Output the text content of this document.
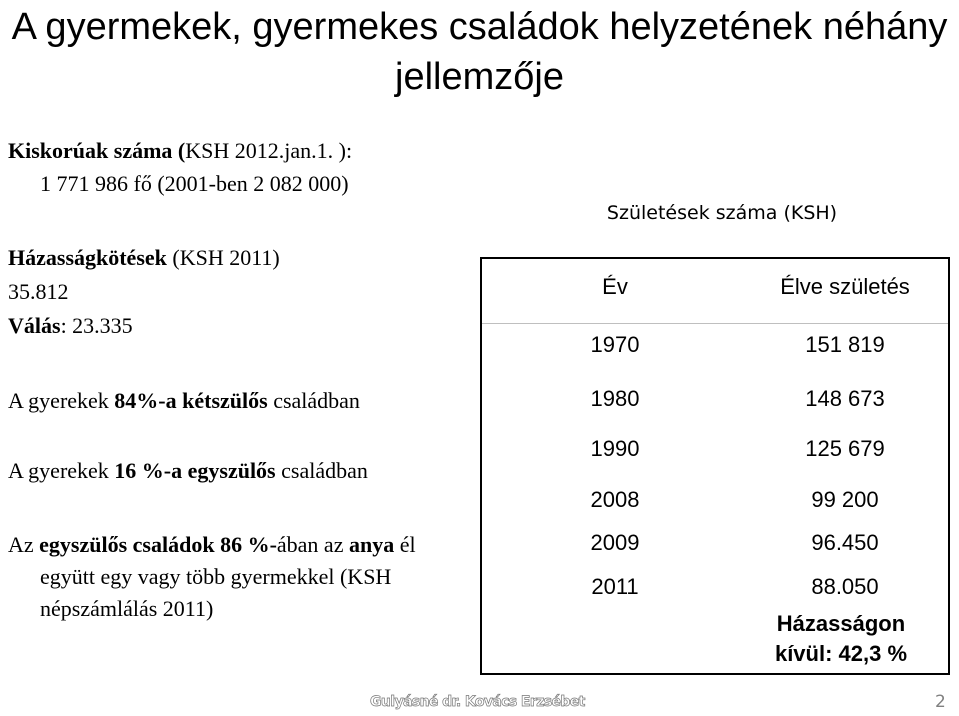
A gyermekek, gyermekes családok helyzetének néhány
jellemzője

Kiskorúak száma (KSH 2012.jan.1. ):

1 771 986 fő (2001-ben 2 082 000)

Házasságkötések (KSH 2011)

35.812

Válás: 23.335

A gyerekek 84%-a kétszülős családban

A gyerekek 16 %-a egyszülős családban

Az egyszülős családok 86 %-ában az anya él

együtt egy vagy több gyermekkel (KSH

népszámlálás 2011)

Születések száma (KSH)
Év	Élve születés
1970	151 819
1980	148 673
1990	125 679
2008	99 200
2009	96.450
2011	88.050
Házasságon
kívül: 42,3 %

Gulyásné dr. Kovács Erzsébet	2
